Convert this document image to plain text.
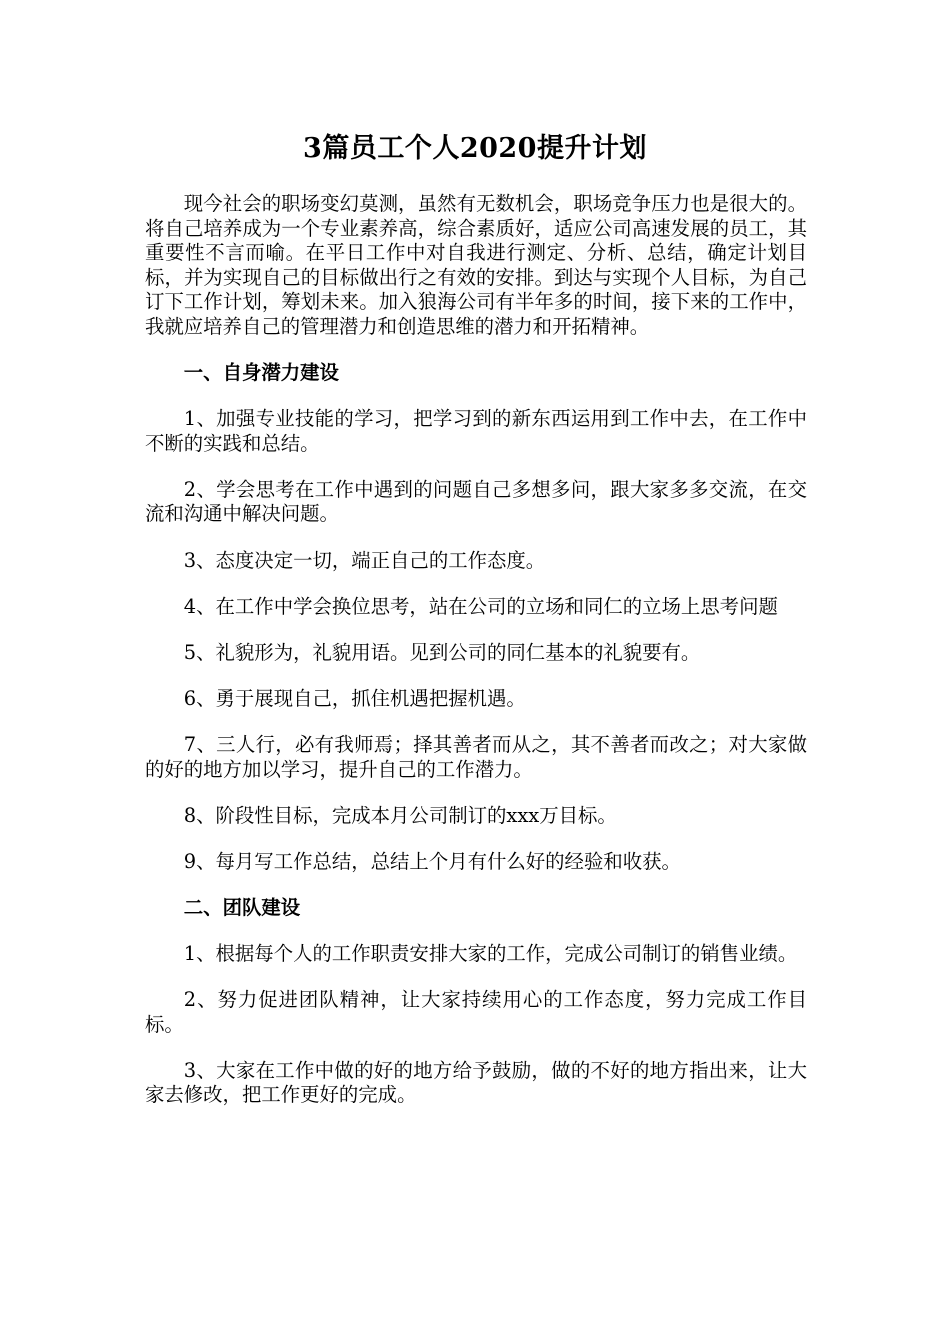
3篇员工个人2020提升计划

现今社会的职场变幻莫测，虽然有无数机会，职场竞争压力也是很大的。将自己培养成为一个专业素养高，综合素质好，适应公司高速发展的员工，其重要性不言而喻。在平日工作中对自我进行测定、分析、总结，确定计划目标，并为实现自己的目标做出行之有效的安排。到达与实现个人目标，为自己订下工作计划，筹划未来。加入狼海公司有半年多的时间，接下来的工作中，我就应培养自己的管理潜力和创造思维的潜力和开拓精神。

一、自身潜力建设

1、加强专业技能的学习，把学习到的新东西运用到工作中去，在工作中不断的实践和总结。

2、学会思考在工作中遇到的问题自己多想多问，跟大家多多交流，在交流和沟通中解决问题。

3、态度决定一切，端正自己的工作态度。

4、在工作中学会换位思考，站在公司的立场和同仁的立场上思考问题

5、礼貌形为，礼貌用语。见到公司的同仁基本的礼貌要有。

6、勇于展现自己，抓住机遇把握机遇。

7、三人行，必有我师焉；择其善者而从之，其不善者而改之；对大家做的好的地方加以学习，提升自己的工作潜力。

8、阶段性目标，完成本月公司制订的xxx万目标。

9、每月写工作总结，总结上个月有什么好的经验和收获。

二、团队建设

1、根据每个人的工作职责安排大家的工作，完成公司制订的销售业绩。

2、努力促进团队精神，让大家持续用心的工作态度，努力完成工作目标。

3、大家在工作中做的好的地方给予鼓励，做的不好的地方指出来，让大家去修改，把工作更好的完成。
